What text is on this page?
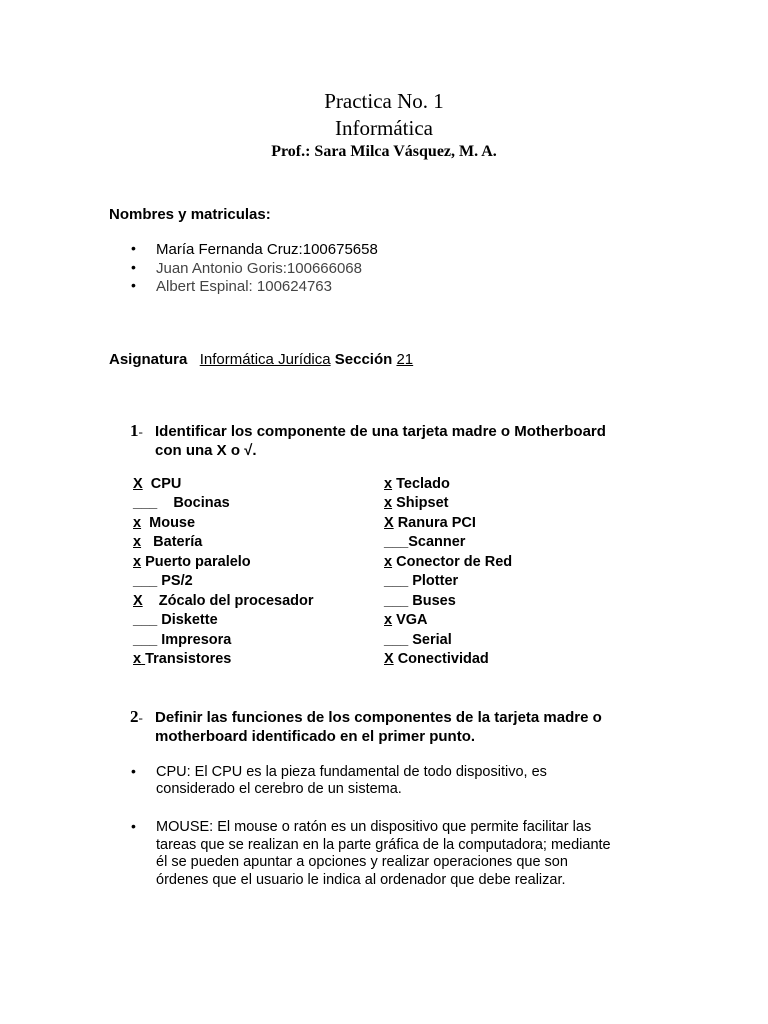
Practica No. 1
Informática
Prof.: Sara Milca Vásquez, M. A.
Nombres y matriculas:
• María Fernanda Cruz:100675658
• Juan Antonio Goris:100666068
• Albert Espinal: 100624763
Asignatura Informática Jurídica Sección 21
1- Identificar los componente de una tarjeta madre o Motherboard
con una X o √.
X CPU
___ Bocinas
x Mouse
x Batería
x Puerto paralelo
___ PS/2
X Zócalo del procesador
___ Diskette
___ Impresora
x Transistores
x Teclado
x Shipset
X Ranura PCI
___Scanner
x Conector de Red
___ Plotter
___ Buses
x VGA
___ Serial
X Conectividad
2- Definir las funciones de los componentes de la tarjeta madre o
motherboard identificado en el primer punto.
• CPU: El CPU es la pieza fundamental de todo dispositivo, es
considerado el cerebro de un sistema.
• MOUSE: El mouse o ratón es un dispositivo que permite facilitar las
tareas que se realizan en la parte gráfica de la computadora; mediante
él se pueden apuntar a opciones y realizar operaciones que son
órdenes que el usuario le indica al ordenador que debe realizar.
